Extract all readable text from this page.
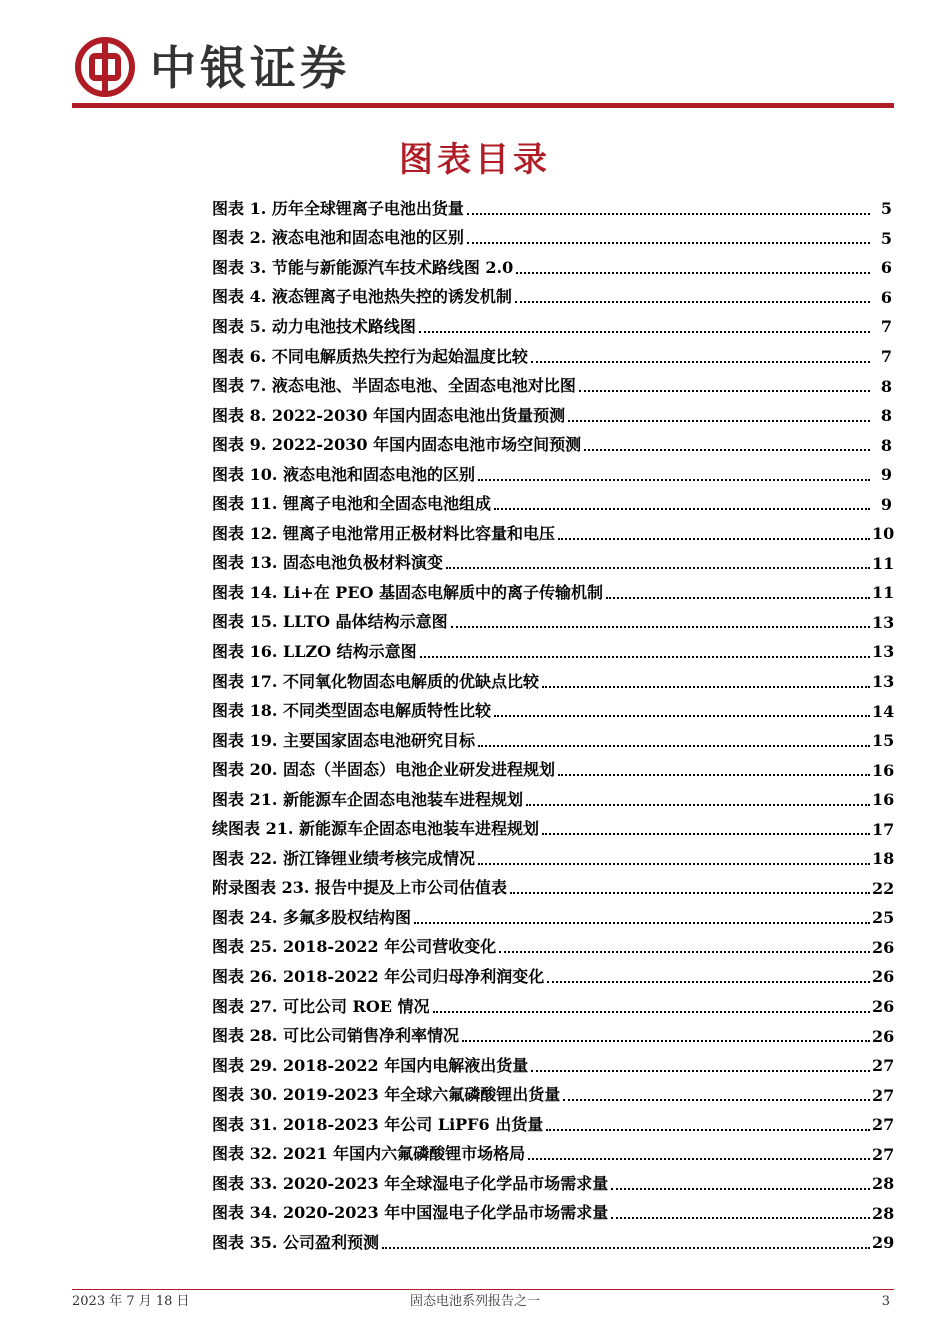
中银证券
图表目录
图表 1. 历年全球锂离子电池出货量	5
图表 2. 液态电池和固态电池的区别	5
图表 3. 节能与新能源汽车技术路线图 2.0	6
图表 4. 液态锂离子电池热失控的诱发机制	6
图表 5. 动力电池技术路线图	7
图表 6. 不同电解质热失控行为起始温度比较	7
图表 7. 液态电池、半固态电池、全固态电池对比图	8
图表 8. 2022-2030 年国内固态电池出货量预测	8
图表 9. 2022-2030 年国内固态电池市场空间预测	8
图表 10. 液态电池和固态电池的区别	9
图表 11. 锂离子电池和全固态电池组成	9
图表 12. 锂离子电池常用正极材料比容量和电压	10
图表 13. 固态电池负极材料演变	11
图表 14. Li+在 PEO 基固态电解质中的离子传输机制	11
图表 15. LLTO 晶体结构示意图	13
图表 16. LLZO 结构示意图	13
图表 17. 不同氧化物固态电解质的优缺点比较	13
图表 18. 不同类型固态电解质特性比较	14
图表 19. 主要国家固态电池研究目标	15
图表 20. 固态（半固态）电池企业研发进程规划	16
图表 21. 新能源车企固态电池装车进程规划	16
续图表 21. 新能源车企固态电池装车进程规划	17
图表 22. 浙江锋锂业绩考核完成情况	18
附录图表 23. 报告中提及上市公司估值表	22
图表 24. 多氟多股权结构图	25
图表 25. 2018-2022 年公司营收变化	26
图表 26. 2018-2022 年公司归母净利润变化	26
图表 27. 可比公司 ROE 情况	26
图表 28. 可比公司销售净利率情况	26
图表 29. 2018-2022 年国内电解液出货量	27
图表 30. 2019-2023 年全球六氟磷酸锂出货量	27
图表 31. 2018-2023 年公司 LiPF6 出货量	27
图表 32. 2021 年国内六氟磷酸锂市场格局	27
图表 33. 2020-2023 年全球湿电子化学品市场需求量	28
图表 34. 2020-2023 年中国湿电子化学品市场需求量	28
图表 35. 公司盈利预测	29
2023 年 7 月 18 日	固态电池系列报告之一	3
